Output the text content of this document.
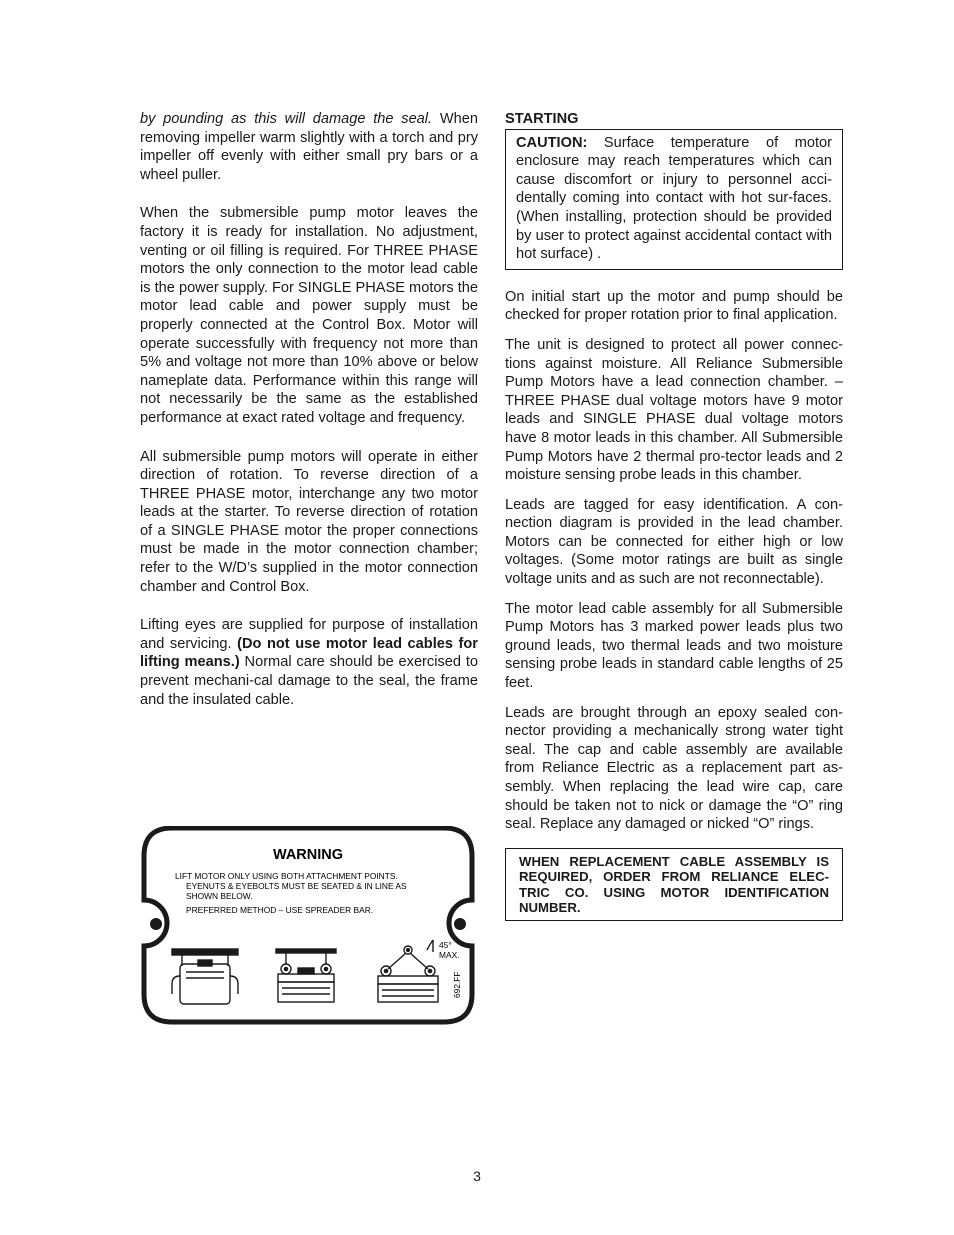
by pounding as this will damage the seal. When removing impeller warm slightly with a torch and pry impeller off evenly with either small pry bars or a wheel puller.

When the submersible pump motor leaves the factory it is ready for installation. No adjustment, venting or oil filling is required. For THREE PHASE motors the only connection to the motor lead cable is the power supply. For SINGLE PHASE motors the motor lead cable and power supply must be properly connected at the Control Box. Motor will operate successfully with frequency not more than 5% and voltage not more than 10% above or below nameplate data. Performance within this range will not necessarily be the same as the established performance at exact rated voltage and frequency.

All submersible pump motors will operate in either direction of rotation. To reverse direction of a THREE PHASE motor, interchange any two motor leads at the starter. To reverse direction of rotation of a SINGLE PHASE motor the proper connections must be made in the motor connection chamber; refer to the W/D’s supplied in the motor connection chamber and Control Box.

Lifting eyes are supplied for purpose of installation and servicing. (Do not use motor lead cables for lifting means.) Normal care should be exercised to prevent mechani-cal damage to the seal, the frame and the insulated cable.

WARNING
LIFT MOTOR ONLY USING BOTH ATTACHMENT POINTS.
EYENUTS & EYEBOLTS MUST BE SEATED & IN LINE AS
SHOWN BELOW.
PREFERRED METHOD – USE SPREADER BAR.
45°
MAX.
692.FF

STARTING

CAUTION: Surface temperature of motor enclosure may reach temperatures which can cause discomfort or injury to personnel acci-dentally coming into contact with hot sur-faces. (When installing, protection should be provided by user to protect against accidental contact with hot surface) .

On initial start up the motor and pump should be checked for proper rotation prior to final application.

The unit is designed to protect all power connec-tions against moisture. All Reliance Submersible Pump Motors have a lead connection chamber. – THREE PHASE dual voltage motors have 9 motor leads and SINGLE PHASE dual voltage motors have 8 motor leads in this chamber. All Submersible Pump Motors have 2 thermal pro-tector leads and 2 moisture sensing probe leads in this chamber.

Leads are tagged for easy identification. A con-nection diagram is provided in the lead chamber. Motors can be connected for either high or low voltages. (Some motor ratings are built as single voltage units and as such are not reconnectable).

The motor lead cable assembly for all Submersible Pump Motors has 3 marked power leads plus two ground leads, two thermal leads and two moisture sensing probe leads in standard cable lengths of 25 feet.

Leads are brought through an epoxy sealed con-nector providing a mechanically strong water tight seal. The cap and cable assembly are available from Reliance Electric as a replacement part as-sembly. When replacing the lead wire cap, care should be taken not to nick or damage the “O” ring seal. Replace any damaged or nicked “O” rings.

WHEN REPLACEMENT CABLE ASSEMBLY IS REQUIRED, ORDER FROM RELIANCE ELEC-TRIC CO. USING MOTOR IDENTIFICATION NUMBER.
3
